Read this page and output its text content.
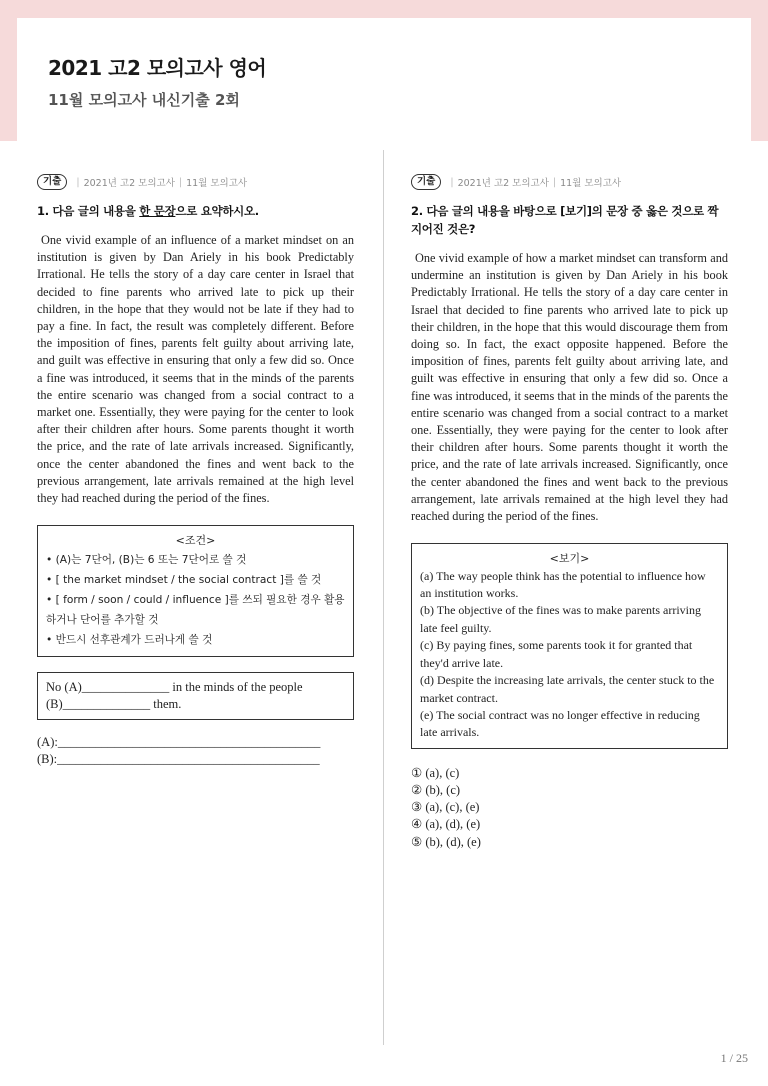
2021 고2 모의고사 영어
11월 모의고사 내신기출 2회
기출	| 2021년 고2 모의고사 | 11월 모의고사
1. 다음 글의 내용을 한 문장으로 요약하시오.
One vivid example of an influence of a market mindset on an institution is given by Dan Ariely in his book Predictably Irrational. He tells the story of a day care center in Israel that decided to fine parents who arrived late to pick up their children, in the hope that they would not be late if they had to pay a fine. In fact, the result was completely different. Before the imposition of fines, parents felt guilty about arriving late, and guilt was effective in ensuring that only a few did so. Once a fine was introduced, it seems that in the minds of the parents the entire scenario was changed from a social contract to a market one. Essentially, they were paying for the center to look after their children after hours. Some parents thought it worth the price, and the rate of late arrivals increased. Significantly, once the center abandoned the fines and went back to the previous arrangement, late arrivals remained at the high level they had reached during the period of the fines.
<조건>
• (A)는 7단어, (B)는 6 또는 7단어로 쓸 것
• [ the market mindset / the social contract ]를 쓸 것
• [ form / soon / could / influence ]를 쓰되 필요한 경우 활용하거나 단어를 추가할 것
• 반드시 선후관계가 드러나게 쓸 것
No (A)______________ in the minds of the people
(B)______________ them.
(A):__________________________________________
(B):__________________________________________
기출	| 2021년 고2 모의고사 | 11월 모의고사
2. 다음 글의 내용을 바탕으로 [보기]의 문장 중 옳은 것으로 짝지어진 것은?
One vivid example of how a market mindset can transform and undermine an institution is given by Dan Ariely in his book Predictably Irrational. He tells the story of a day care center in Israel that decided to fine parents who arrived late to pick up their children, in the hope that this would discourage them from doing so. In fact, the exact opposite happened. Before the imposition of fines, parents felt guilty about arriving late, and guilt was effective in ensuring that only a few did so. Once a fine was introduced, it seems that in the minds of the parents the entire scenario was changed from a social contract to a market one. Essentially, they were paying for the center to look after their children after hours. Some parents thought it worth the price, and the rate of late arrivals increased. Significantly, once the center abandoned the fines and went back to the previous arrangement, late arrivals remained at the high level they had reached during the period of the fines.
<보기>
(a) The way people think has the potential to influence how an institution works.
(b) The objective of the fines was to make parents arriving late feel guilty.
(c) By paying fines, some parents took it for granted that they'd arrive late.
(d) Despite the increasing late arrivals, the center stuck to the market contract.
(e) The social contract was no longer effective in reducing late arrivals.
① (a), (c)
② (b), (c)
③ (a), (c), (e)
④ (a), (d), (e)
⑤ (b), (d), (e)
1 / 25
